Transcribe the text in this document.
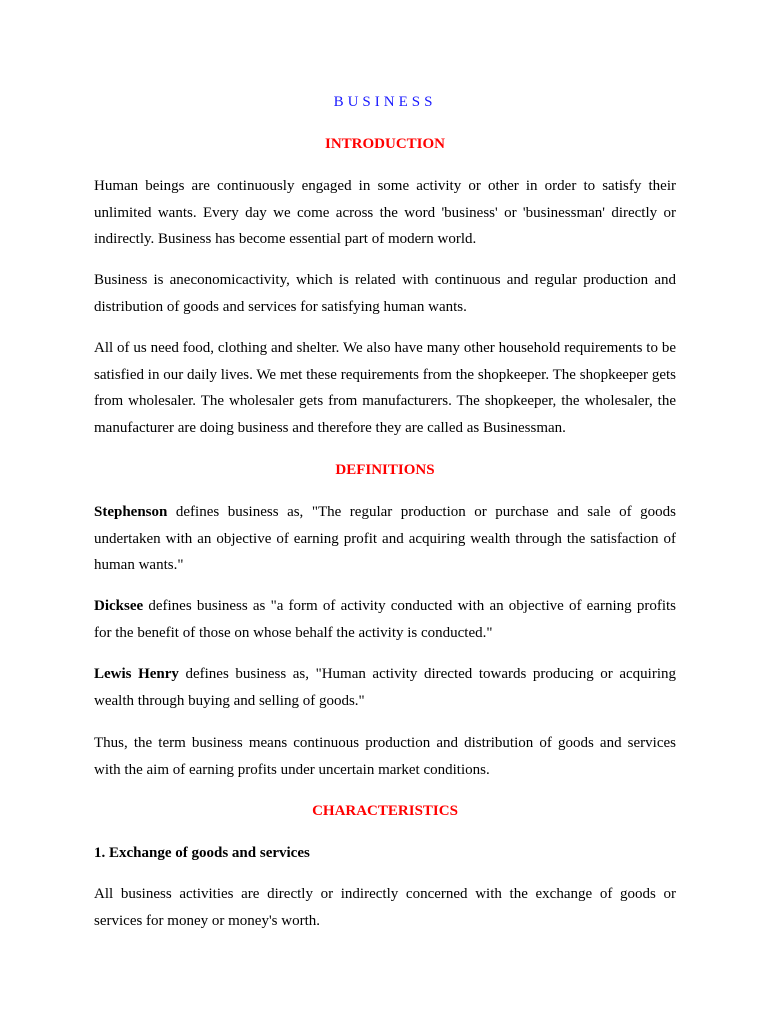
BUSINESS
INTRODUCTION

Human beings are continuously engaged in some activity or other in order to satisfy their unlimited wants. Every day we come across the word 'business' or 'businessman' directly or indirectly. Business has become essential part of modern world.

Business is aneconomicactivity, which is related with continuous and regular production and distribution of goods and services for satisfying human wants.

All of us need food, clothing and shelter. We also have many other household requirements to be satisfied in our daily lives. We met these requirements from the shopkeeper. The shopkeeper gets from wholesaler. The wholesaler gets from manufacturers. The shopkeeper, the wholesaler, the manufacturer are doing business and therefore they are called as Businessman.

DEFINITIONS

Stephenson defines business as, "The regular production or purchase and sale of goods undertaken with an objective of earning profit and acquiring wealth through the satisfaction of human wants."

Dicksee defines business as "a form of activity conducted with an objective of earning profits for the benefit of those on whose behalf the activity is conducted."

Lewis Henry defines business as, "Human activity directed towards producing or acquiring wealth through buying and selling of goods."

Thus, the term business means continuous production and distribution of goods and services with the aim of earning profits under uncertain market conditions.

CHARACTERISTICS

1. Exchange of goods and services

All business activities are directly or indirectly concerned with the exchange of goods or services for money or money's worth.
